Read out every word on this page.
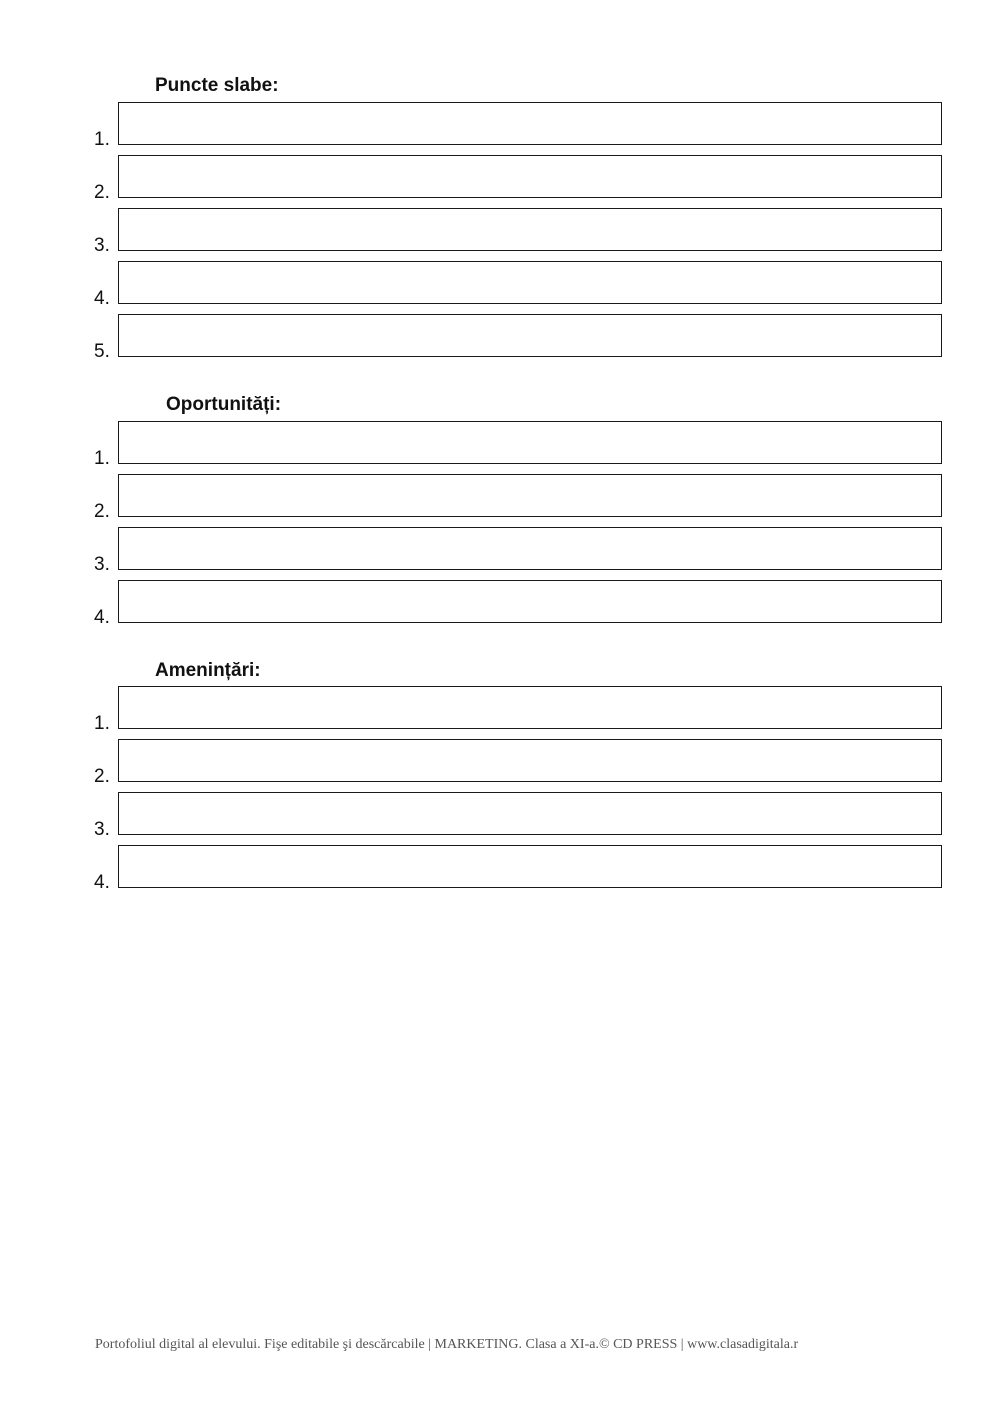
Puncte slabe:
1.
2.
3.
4.
5.
Oportunități:
1.
2.
3.
4.
Amenințări:
1.
2.
3.
4.
Portofoliul digital al elevului. Fişe editabile şi descărcabile | MARKETING. Clasa a XI-a.© CD PRESS | www.clasadigitala.r
